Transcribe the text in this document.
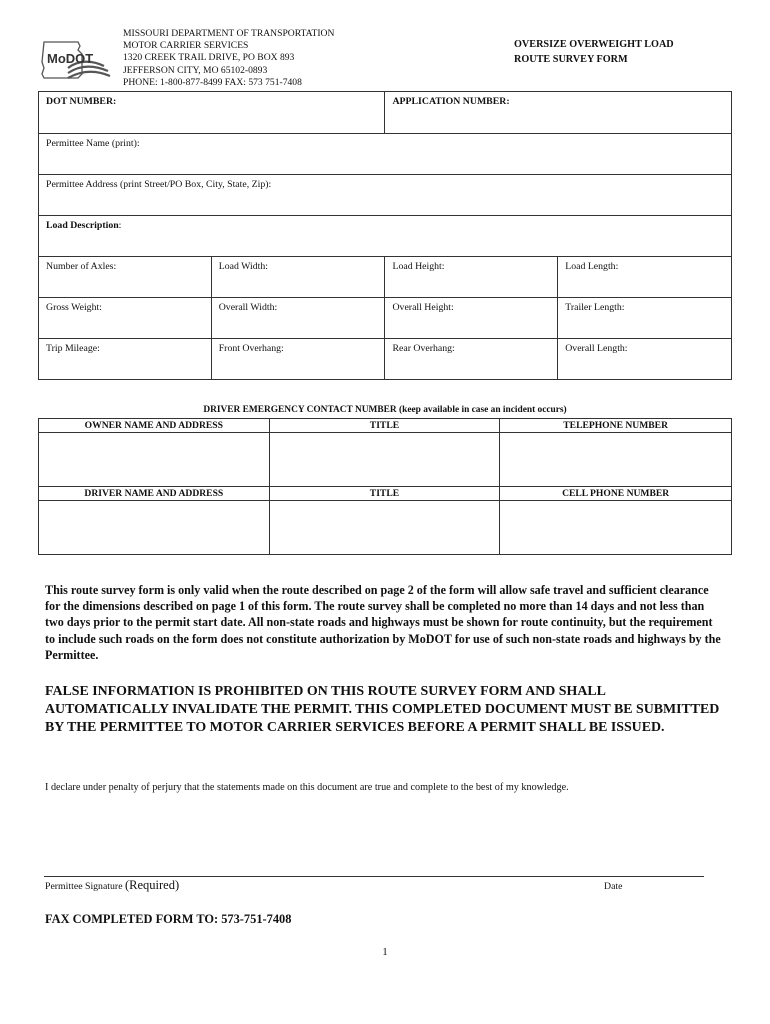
MoDOT
MISSOURI DEPARTMENT OF TRANSPORTATION
MOTOR CARRIER SERVICES
1320 CREEK TRAIL DRIVE, PO BOX 893
JEFFERSON CITY, MO 65102-0893
PHONE: 1-800-877-8499 FAX: 573 751-7408
OVERSIZE OVERWEIGHT LOAD
ROUTE SURVEY FORM
DOT NUMBER:		APPLICATION NUMBER:	
Permittee Name (print):			
Permittee Address (print Street/PO Box, City, State, Zip):			
Load Description:			
Number of Axles:	Load Width:	Load Height:	Load Length:
Gross Weight:	Overall Width:	Overall Height:	Trailer Length:
Trip Mileage:	Front Overhang:	Rear Overhang:	Overall Length:
DRIVER EMERGENCY CONTACT NUMBER (keep available in case an incident occurs)
OWNER NAME AND ADDRESS	TITLE	TELEPHONE NUMBER

DRIVER NAME AND ADDRESS	TITLE	CELL PHONE NUMBER

This route survey form is only valid when the route described on page 2 of the form will allow safe travel and sufficient clearance for the dimensions described on page 1 of this form. The route survey shall be completed no more than 14 days and not less than two days prior to the permit start date. All non-state roads and highways must be shown for route continuity, but the requirement to include such roads on the form does not constitute authorization by MoDOT for use of such non-state roads and highways by the Permittee.
FALSE INFORMATION IS PROHIBITED ON THIS ROUTE SURVEY FORM AND SHALL AUTOMATICALLY INVALIDATE THE PERMIT. THIS COMPLETED DOCUMENT MUST BE SUBMITTED BY THE PERMITTEE TO MOTOR CARRIER SERVICES BEFORE A PERMIT SHALL BE ISSUED.
I declare under penalty of perjury that the statements made on this document are true and complete to the best of my knowledge.
Permittee Signature (Required)	Date
FAX COMPLETED FORM TO: 573-751-7408
1
